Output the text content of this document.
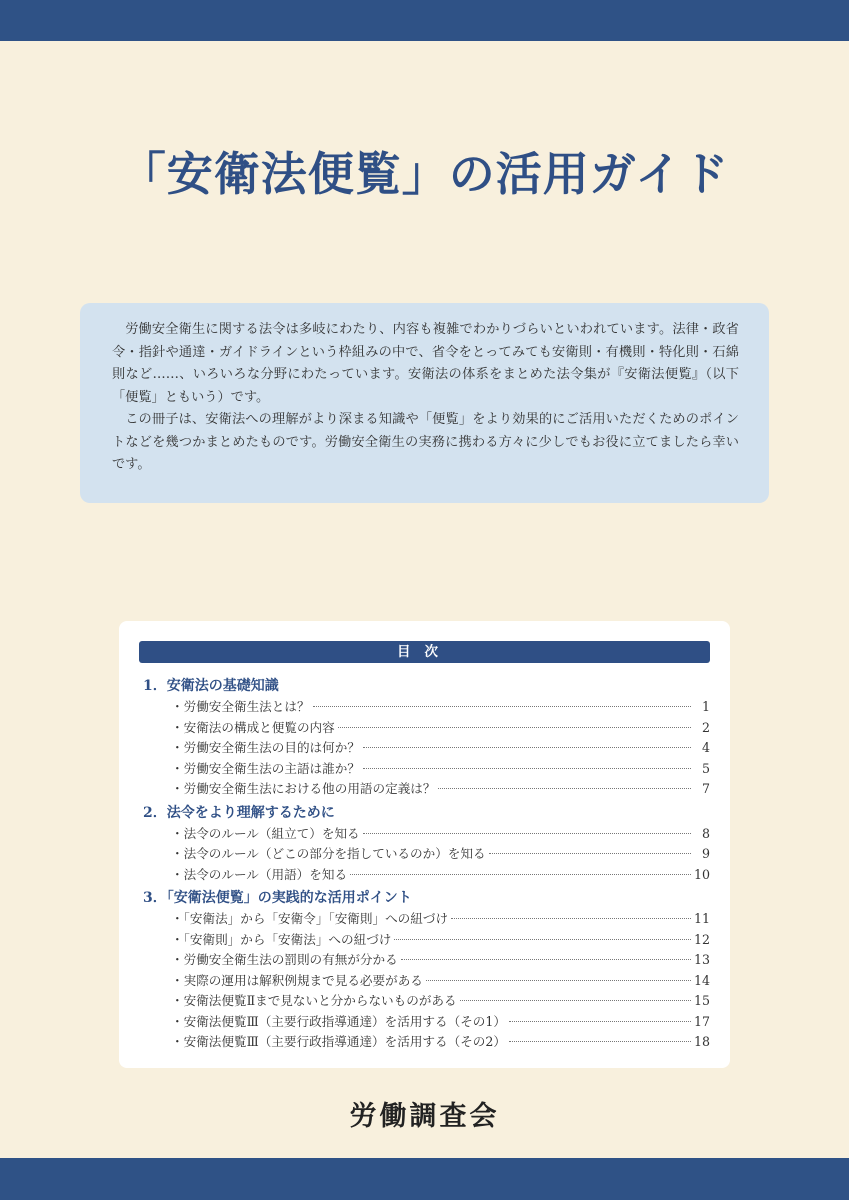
「安衛法便覧」の活用ガイド

労働安全衛生に関する法令は多岐にわたり、内容も複雑でわかりづらいといわれています。法律・政省令・指針や通達・ガイドラインという枠組みの中で、省令をとってみても安衛則・有機則・特化則・石綿則など……、いろいろな分野にわたっています。安衛法の体系をまとめた法令集が『安衛法便覧』（以下「便覧」ともいう）です。

この冊子は、安衛法への理解がより深まる知識や「便覧」をより効果的にご活用いただくためのポイントなどを幾つかまとめたものです。労働安全衛生の実務に携わる方々に少しでもお役に立てましたら幸いです。

目次
1．安衛法の基礎知識
・労働安全衛生法とは？	1
・安衛法の構成と便覧の内容	2
・労働安全衛生法の目的は何か？	4
・労働安全衛生法の主語は誰か？	5
・労働安全衛生法における他の用語の定義は？	7
2．法令をより理解するために
・法令のルール（組立て）を知る	8
・法令のルール（どこの部分を指しているのか）を知る	9
・法令のルール（用語）を知る	10
3．「安衛法便覧」の実践的な活用ポイント
・「安衛法」から「安衛令」「安衛則」への紐づけ	11
・「安衛則」から「安衛法」への紐づけ	12
・労働安全衛生法の罰則の有無が分かる	13
・実際の運用は解釈例規まで見る必要がある	14
・安衛法便覧Ⅱまで見ないと分からないものがある	15
・安衛法便覧Ⅲ（主要行政指導通達）を活用する（その1）	17
・安衛法便覧Ⅲ（主要行政指導通達）を活用する（その2）	18
労働調査会
